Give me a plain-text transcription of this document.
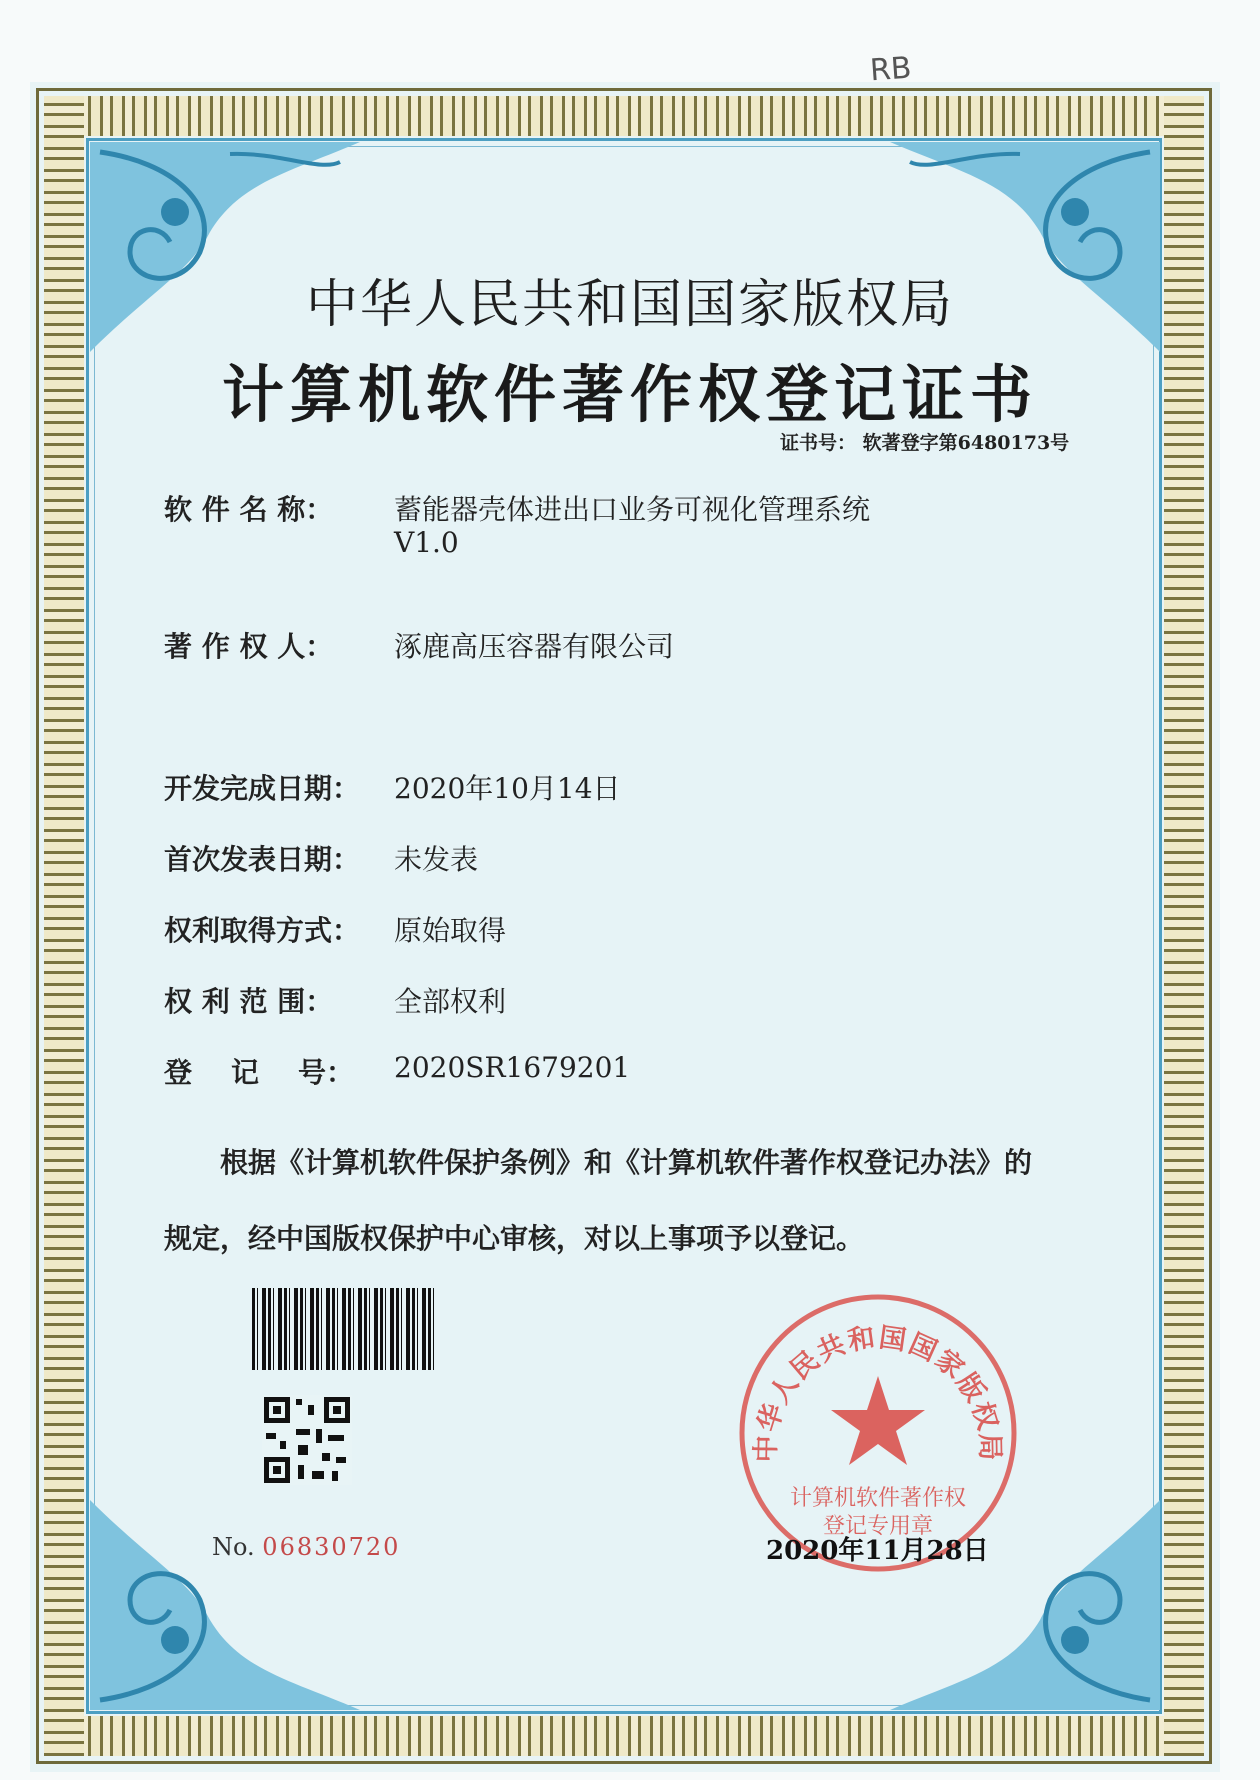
RB
中华人民共和国国家版权局
计算机软件著作权登记证书
证书号： 软著登字第6480173号
软 件 名 称：	蓄能器壳体进出口业务可视化管理系统
V1.0
著 作 权 人：	涿鹿高压容器有限公司
开发完成日期：	2020年10月14日
首次发表日期：	未发表
权利取得方式：	原始取得
权 利 范 围：	全部权利
登    记    号：	2020SR1679201
根据《计算机软件保护条例》和《计算机软件著作权登记办法》的
规定，经中国版权保护中心审核，对以上事项予以登记。
No. 06830720
中华人民共和国国家版权局
计算机软件著作权
登记专用章
2020年11月28日
